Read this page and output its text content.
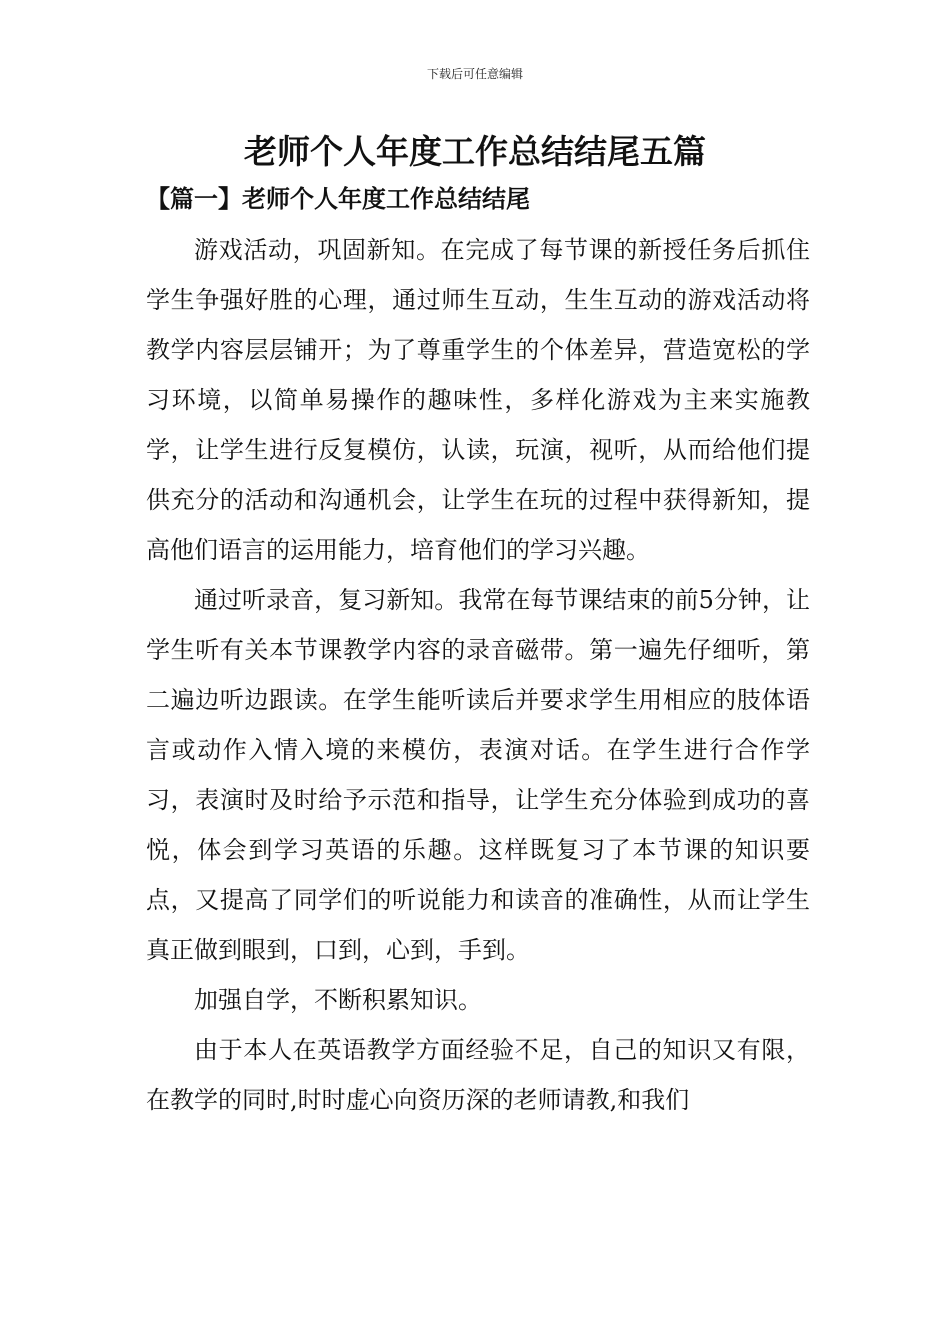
下载后可任意编辑
老师个人年度工作总结结尾五篇
【篇一】老师个人年度工作总结结尾

游戏活动，巩固新知。在完成了每节课的新授任务后抓住学生争强好胜的心理，通过师生互动，生生互动的游戏活动将教学内容层层铺开；为了尊重学生的个体差异，营造宽松的学习环境，以简单易操作的趣味性，多样化游戏为主来实施教学，让学生进行反复模仿，认读，玩演，视听，从而给他们提供充分的活动和沟通机会，让学生在玩的过程中获得新知，提高他们语言的运用能力，培育他们的学习兴趣。

通过听录音，复习新知。我常在每节课结束的前5分钟，让学生听有关本节课教学内容的录音磁带。第一遍先仔细听，第二遍边听边跟读。在学生能听读后并要求学生用相应的肢体语言或动作入情入境的来模仿，表演对话。在学生进行合作学习，表演时及时给予示范和指导，让学生充分体验到成功的喜悦，体会到学习英语的乐趣。这样既复习了本节课的知识要点，又提高了同学们的听说能力和读音的准确性，从而让学生真正做到眼到，口到，心到，手到。

加强自学，不断积累知识。

由于本人在英语教学方面经验不足，自己的知识又有限，在教学的同时,时时虚心向资历深的老师请教,和我们
